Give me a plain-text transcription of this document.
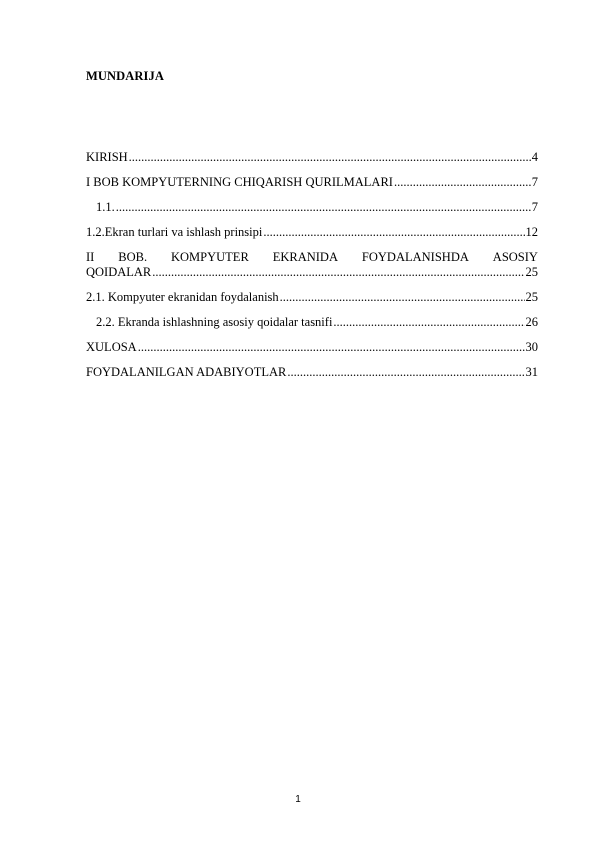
MUNDARIJA
KIRISH .....	4
I BOB KOMPYUTERNING CHIQARISH QURILMALARI .....	7
1.1. .....	7
1.2.Ekran turlari va ishlash prinsipi .....	12
II BOB. KOMPYUTER EKRANIDA FOYDALANISHDA ASOSIY
QOIDALAR .....	25
2.1. Kompyuter ekranidan foydalanish .....	25
2.2. Ekranda ishlashning asosiy qoidalar tasnifi .....	26
XULOSA .....	30
FOYDALANILGAN ADABIYOTLAR .....	31
1
